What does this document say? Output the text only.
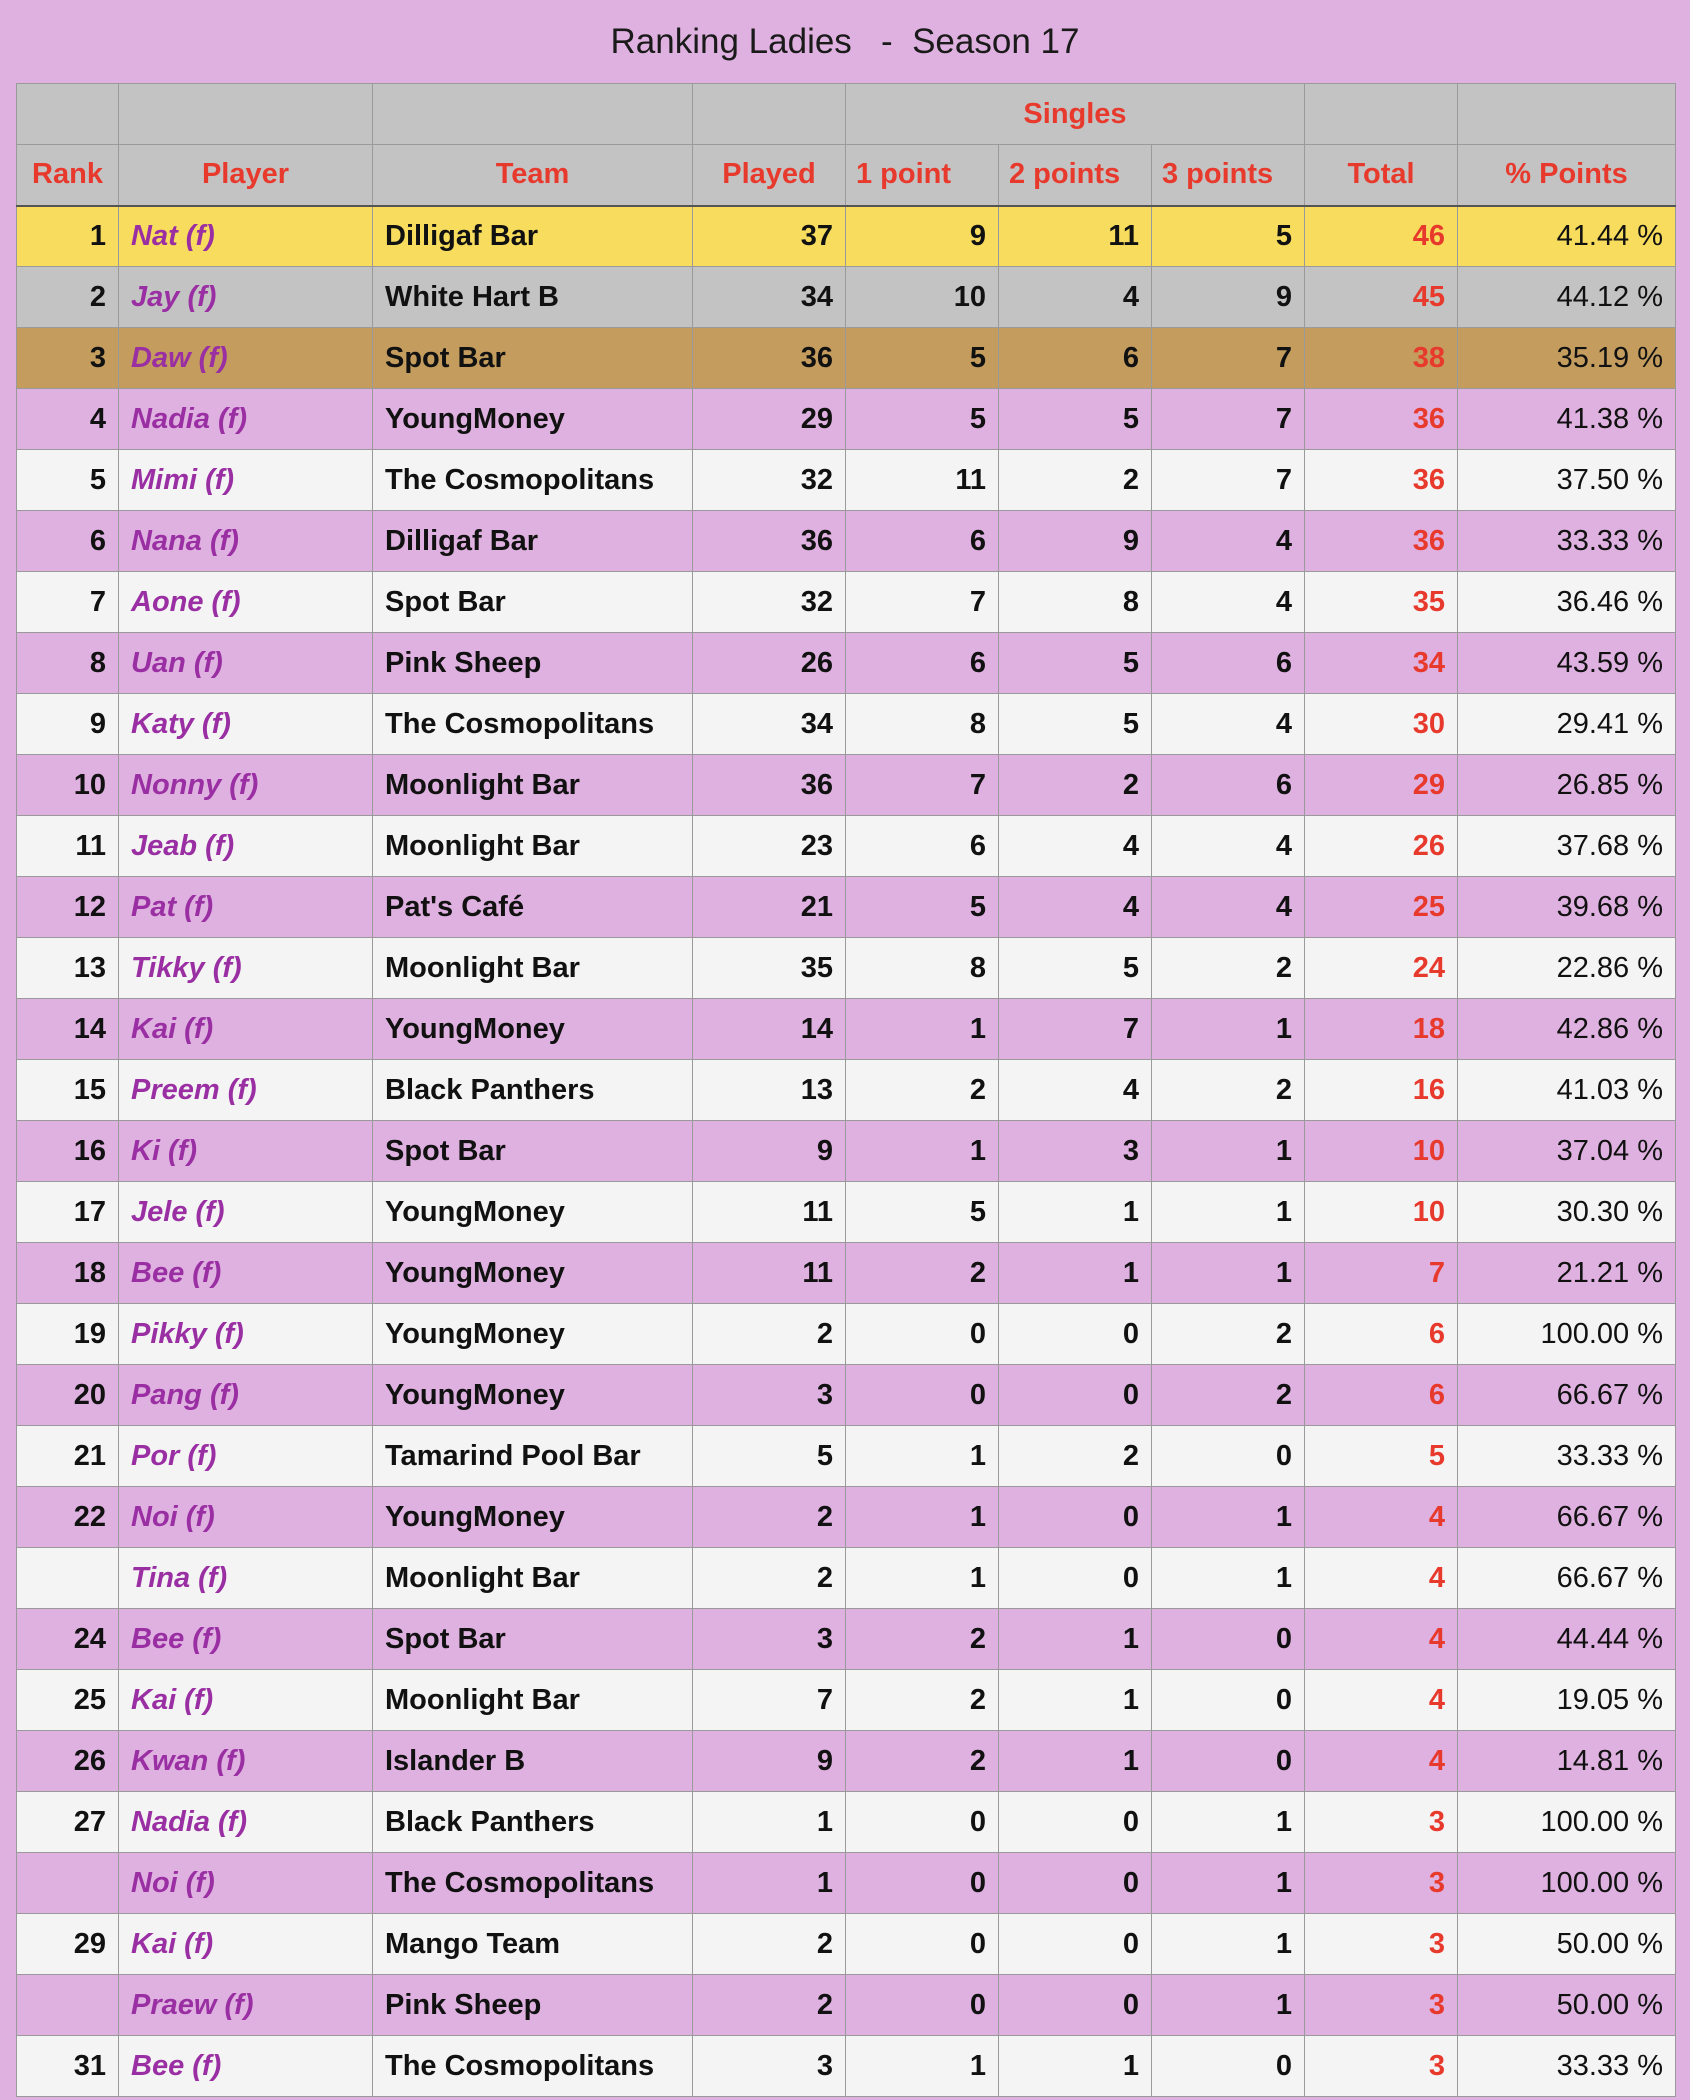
Ranking Ladies   -  Season 17
				Singles				
Rank	Player	Team	Played	1 point	2 points	3 points	Total	% Points
1	Nat (f)	Dilligaf Bar	37	9	11	5	46	41.44 %
2	Jay (f)	White Hart B	34	10	4	9	45	44.12 %
3	Daw (f)	Spot Bar	36	5	6	7	38	35.19 %
4	Nadia (f)	YoungMoney	29	5	5	7	36	41.38 %
5	Mimi (f)	The Cosmopolitans	32	11	2	7	36	37.50 %
6	Nana (f)	Dilligaf Bar	36	6	9	4	36	33.33 %
7	Aone (f)	Spot Bar	32	7	8	4	35	36.46 %
8	Uan (f)	Pink Sheep	26	6	5	6	34	43.59 %
9	Katy (f)	The Cosmopolitans	34	8	5	4	30	29.41 %
10	Nonny (f)	Moonlight Bar	36	7	2	6	29	26.85 %
11	Jeab (f)	Moonlight Bar	23	6	4	4	26	37.68 %
12	Pat (f)	Pat's Café	21	5	4	4	25	39.68 %
13	Tikky (f)	Moonlight Bar	35	8	5	2	24	22.86 %
14	Kai (f)	YoungMoney	14	1	7	1	18	42.86 %
15	Preem (f)	Black Panthers	13	2	4	2	16	41.03 %
16	Ki (f)	Spot Bar	9	1	3	1	10	37.04 %
17	Jele (f)	YoungMoney	11	5	1	1	10	30.30 %
18	Bee (f)	YoungMoney	11	2	1	1	7	21.21 %
19	Pikky (f)	YoungMoney	2	0	0	2	6	100.00 %
20	Pang (f)	YoungMoney	3	0	0	2	6	66.67 %
21	Por (f)	Tamarind Pool Bar	5	1	2	0	5	33.33 %
22	Noi (f)	YoungMoney	2	1	0	1	4	66.67 %
	Tina (f)	Moonlight Bar	2	1	0	1	4	66.67 %
24	Bee (f)	Spot Bar	3	2	1	0	4	44.44 %
25	Kai (f)	Moonlight Bar	7	2	1	0	4	19.05 %
26	Kwan (f)	Islander B	9	2	1	0	4	14.81 %
27	Nadia (f)	Black Panthers	1	0	0	1	3	100.00 %
	Noi (f)	The Cosmopolitans	1	0	0	1	3	100.00 %
29	Kai (f)	Mango Team	2	0	0	1	3	50.00 %
	Praew (f)	Pink Sheep	2	0	0	1	3	50.00 %
31	Bee (f)	The Cosmopolitans	3	1	1	0	3	33.33 %
